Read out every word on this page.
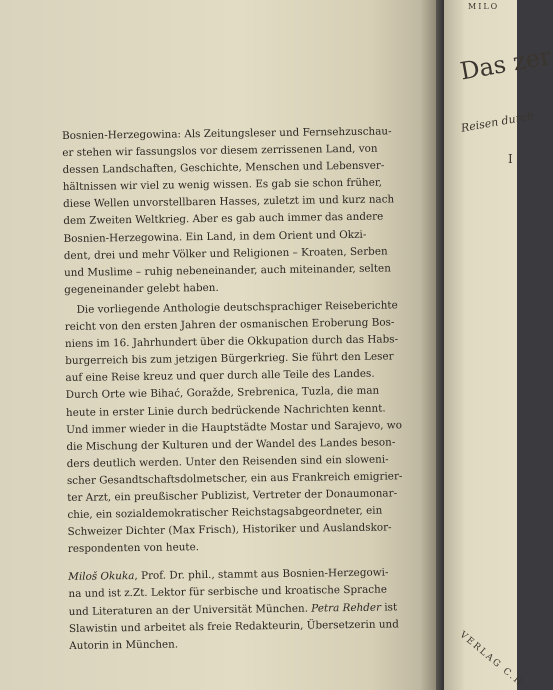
Bosnien-Herzegowina: Als Zeitungsleser und Fernsehzuschau-
er stehen wir fassungslos vor diesem zerrissenen Land, von
dessen Landschaften, Geschichte, Menschen und Lebensver-
hältnissen wir viel zu wenig wissen. Es gab sie schon früher,
diese Wellen unvorstellbaren Hasses, zuletzt im und kurz nach
dem Zweiten Weltkrieg. Aber es gab auch immer das andere
Bosnien-Herzegowina. Ein Land, in dem Orient und Okzi-
dent, drei und mehr Völker und Religionen – Kroaten, Serben
und Muslime – ruhig nebeneinander, auch miteinander, selten
gegeneinander gelebt haben.

Die vorliegende Anthologie deutschsprachiger Reiseberichte
reicht von den ersten Jahren der osmanischen Eroberung Bos-
niens im 16. Jahrhundert über die Okkupation durch das Habs-
burgerreich bis zum jetzigen Bürgerkrieg. Sie führt den Leser
auf eine Reise kreuz und quer durch alle Teile des Landes.
Durch Orte wie Bihać, Goražde, Srebrenica, Tuzla, die man
heute in erster Linie durch bedrückende Nachrichten kennt.
Und immer wieder in die Hauptstädte Mostar und Sarajevo, wo
die Mischung der Kulturen und der Wandel des Landes beson-
ders deutlich werden. Unter den Reisenden sind ein sloweni-
scher Gesandtschaftsdolmetscher, ein aus Frankreich emigrier-
ter Arzt, ein preußischer Publizist, Vertreter der Donaumonar-
chie, ein sozialdemokratischer Reichstagsabgeordneter, ein
Schweizer Dichter (Max Frisch), Historiker und Auslandskor-
respondenten von heute.

Miloš Okuka, Prof. Dr. phil., stammt aus Bosnien-Herzegowi-
na und ist z.Zt. Lektor für serbische und kroatische Sprache
und Literaturen an der Universität München. Petra Rehder ist
Slawistin und arbeitet als freie Redakteurin, Übersetzerin und
Autorin in München.

MILO
Das zer
Reisen durch
I
VERLAG C.H
